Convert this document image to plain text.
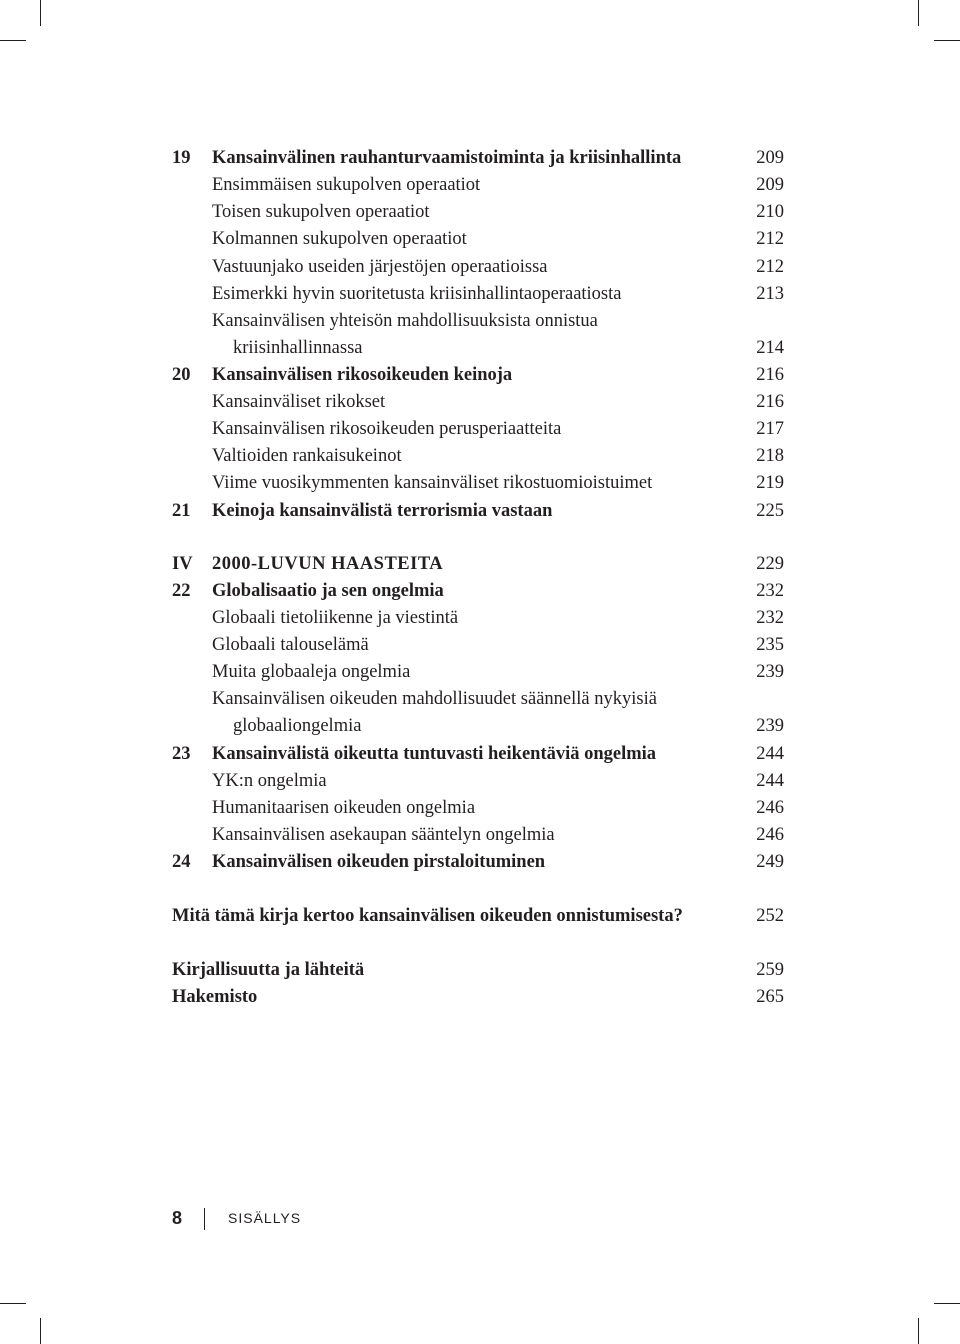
19 Kansainvälinen rauhanturvaamistoiminta ja kriisinhallinta	209
Ensimmäisen sukupolven operaatiot	209
Toisen sukupolven operaatiot	210
Kolmannen sukupolven operaatiot	212
Vastuunjako useiden järjestöjen operaatioissa	212
Esimerkki hyvin suoritetusta kriisinhallintaoperaatiosta	213
Kansainvälisen yhteisön mahdollisuuksista onnistua
kriisinhallinnassa	214
20 Kansainvälisen rikosoikeuden keinoja	216
Kansainväliset rikokset	216
Kansainvälisen rikosoikeuden perusperiaatteita	217
Valtioiden rankaisukeinot	218
Viime vuosikymmenten kansainväliset rikostuomioistuimet	219
21 Keinoja kansainvälistä terrorismia vastaan	225
IV 2000-LUVUN HAASTEITA	229
22 Globalisaatio ja sen ongelmia	232
Globaali tietoliikenne ja viestintä	232
Globaali talouselämä	235
Muita globaaleja ongelmia	239
Kansainvälisen oikeuden mahdollisuudet säännellä nykyisiä
globaaliongelmia	239
23 Kansainvälistä oikeutta tuntuvasti heikentäviä ongelmia	244
YK:n ongelmia	244
Humanitaarisen oikeuden ongelmia	246
Kansainvälisen asekaupan sääntelyn ongelmia	246
24 Kansainvälisen oikeuden pirstaloituminen	249
Mitä tämä kirja kertoo kansainvälisen oikeuden onnistumisesta?	252
Kirjallisuutta ja lähteitä	259
Hakemisto	265
8	SISÄLLYS
